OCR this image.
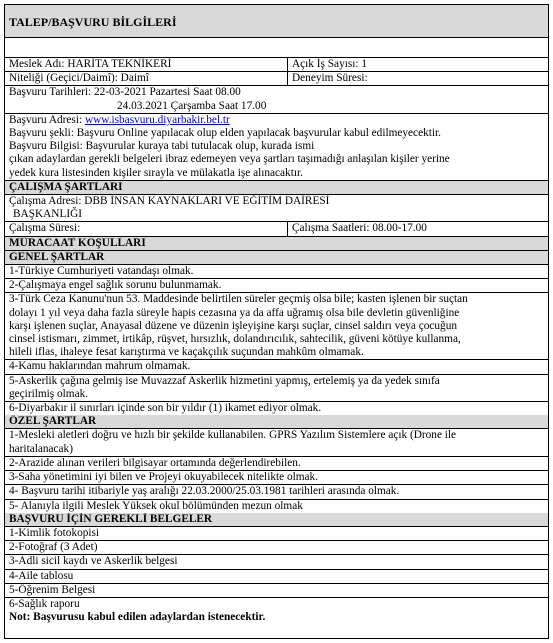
TALEP/BAŞVURU BİLGİLERİ
Meslek Adı: HARİTA TEKNİKERİ	Açık İş Sayısı: 1
Niteliği (Geçici/Daimî): Daimî	Deneyim Süresi:

Başvuru Tarihleri: 22-03-2021 Pazartesi Saat 08.00

24.03.2021 Çarşamba Saat 17.00

Başvuru Adresi: www.isbasvuru.diyarbakir.bel.tr

Başvuru şekli: Başvuru Online yapılacak olup elden yapılacak başvurular kabul edilmeyecektir.

Başvuru Bilgisi: Başvurular kuraya tabi tutulacak olup, kurada ismi

çıkan adaylardan gerekli belgeleri ibraz edemeyen veya şartları taşımadığı anlaşılan kişiler yerine

yedek kura listesinden kişiler sırayla ve mülakatla işe alınacaktır.

ÇALIŞMA ŞARTLARI

Çalışma Adresi: DBB İNSAN KAYNAKLARI VE EĞİTİM DAİRESİ

BAŞKANLIĞI

Çalışma Süresi:	Çalışma Saatleri: 08.00-17.00
MÜRACAAT KOŞULLARI
GENEL ŞARTLAR

1-Türkiye Cumhuriyeti vatandaşı olmak.

2-Çalışmaya engel sağlık sorunu bulunmamak.

3-Türk Ceza Kanunu'nun 53. Maddesinde belirtilen süreler geçmiş olsa bile; kasten işlenen bir suçtan

dolayı 1 yıl veya daha fazla süreyle hapis cezasına ya da affa uğramış olsa bile devletin güvenliğine

karşı işlenen suçlar, Anayasal düzene ve düzenin işleyişine karşı suçlar, cinsel saldırı veya çocuğun

cinsel istismarı, zimmet, irtikâp, rüşvet, hırsızlık, dolandırıcılık, sahtecilik, güveni kötüye kullanma,

hileli iflas, ihaleye fesat karıştırma ve kaçakçılık suçundan mahkûm olmamak.

4-Kamu haklarından mahrum olmamak.

5-Askerlik çağına gelmiş ise Muvazzaf Askerlik hizmetini yapmış, ertelemiş ya da yedek sınıfa

geçirilmiş olmak.

6-Diyarbakır il sınırları içinde son bir yıldır (1) ikamet ediyor olmak.

ÖZEL ŞARTLAR

1-Mesleki aletleri doğru ve hızlı bir şekilde kullanabilen. GPRS Yazılım Sistemlere açık (Drone ile

haritalanacak)

2-Arazide alınan verileri bilgisayar ortamında değerlendirebilen.

3-Saha yönetimini iyi bilen ve Projeyi okuyabilecek nitelikte olmak.

4- Başvuru tarihi itibariyle yaş aralığı 22.03.2000/25.03.1981 tarihleri arasında olmak.

5- Alanıyla ilgili Meslek Yüksek okul bölümünden mezun olmak

BAŞVURU İÇİN GEREKLİ BELGELER
1-Kimlik fotokopisi
2-Fotoğraf (3 Adet)
3-Adli sicil kaydı ve Askerlik belgesi
4-Aile tablosu
5-Öğrenim Belgesi
6-Sağlık raporu
Not: Başvurusu kabul edilen adaylardan istenecektir.
